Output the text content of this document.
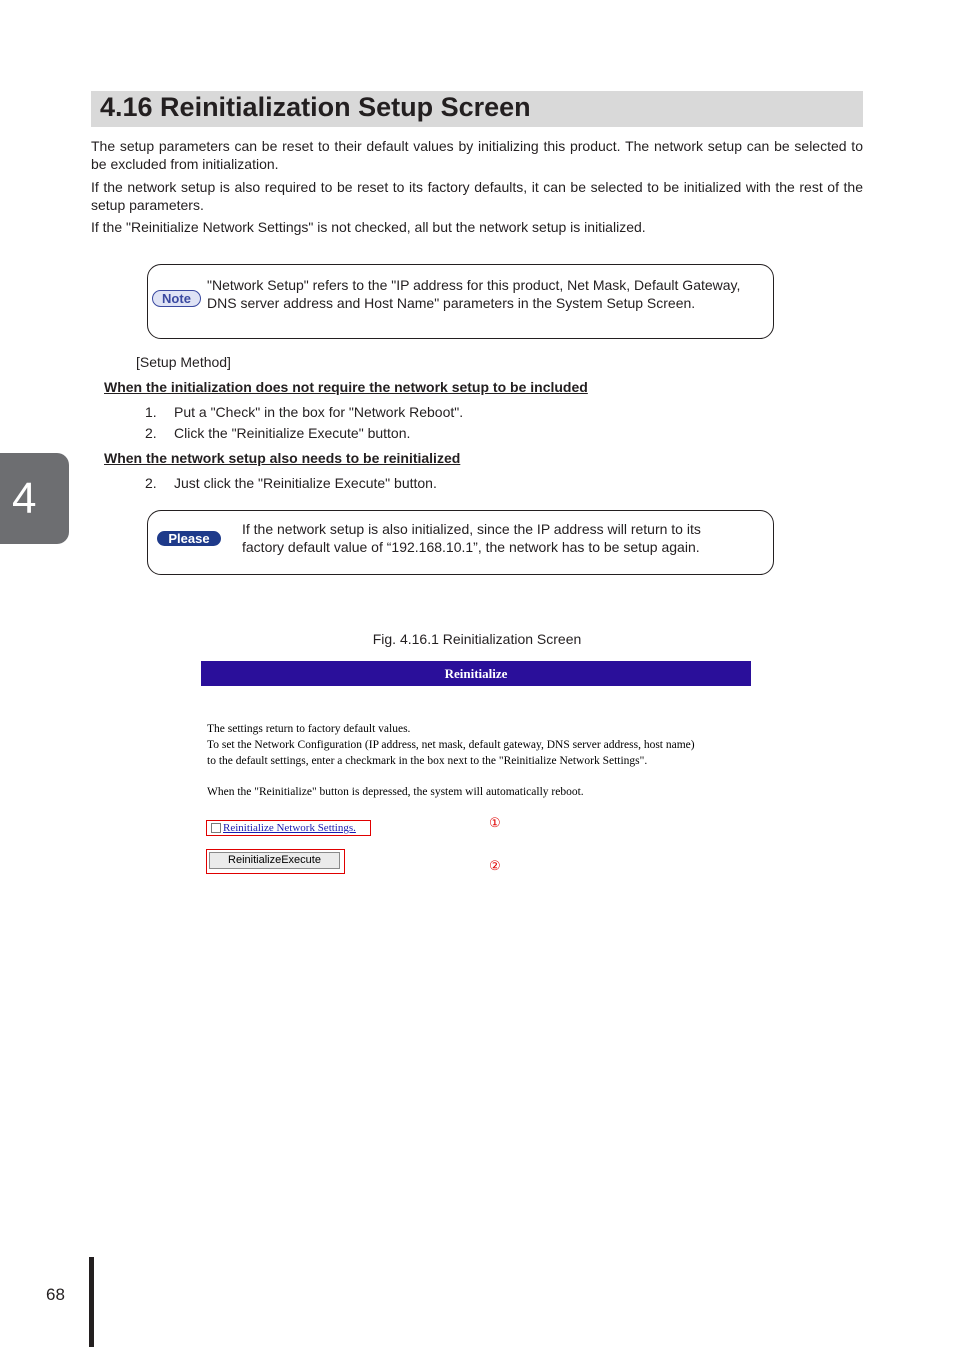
4.16 Reinitialization Setup Screen

The setup parameters can be reset to their default values by initializing this product. The network setup can be selected to be excluded from initialization.

If the network setup is also required to be reset to its factory defaults, it can be selected to be initialized with the rest of the setup parameters.

If the "Reinitialize Network Settings" is not checked, all but the network setup is initialized.

Note

"Network Setup" refers to the "IP address for this product, Net Mask, Default Gateway, DNS server address and Host Name" parameters in the System Setup Screen.

[Setup Method]

When the initialization does not require the network setup to be included

1. Put a "Check" in the box for "Network Reboot".

2. Click the "Reinitialize Execute" button.

When the network setup also needs to be reinitialized

2. Just click the "Reinitialize Execute" button.

Please

If the network setup is also initialized, since the IP address will return to its factory default value of “192.168.10.1”, the network has to be setup again.

Fig. 4.16.1 Reinitialization Screen
Reinitialize

The settings return to factory default values.

To set the Network Configuration (IP address, net mask, default gateway, DNS server address, host name)

to the default settings, enter a checkmark in the box next to the "Reinitialize Network Settings".

When the "Reinitialize" button is depressed, the system will automatically reboot.

Reinitialize Network Settings.	①
ReinitializeExecute	②
4
68
